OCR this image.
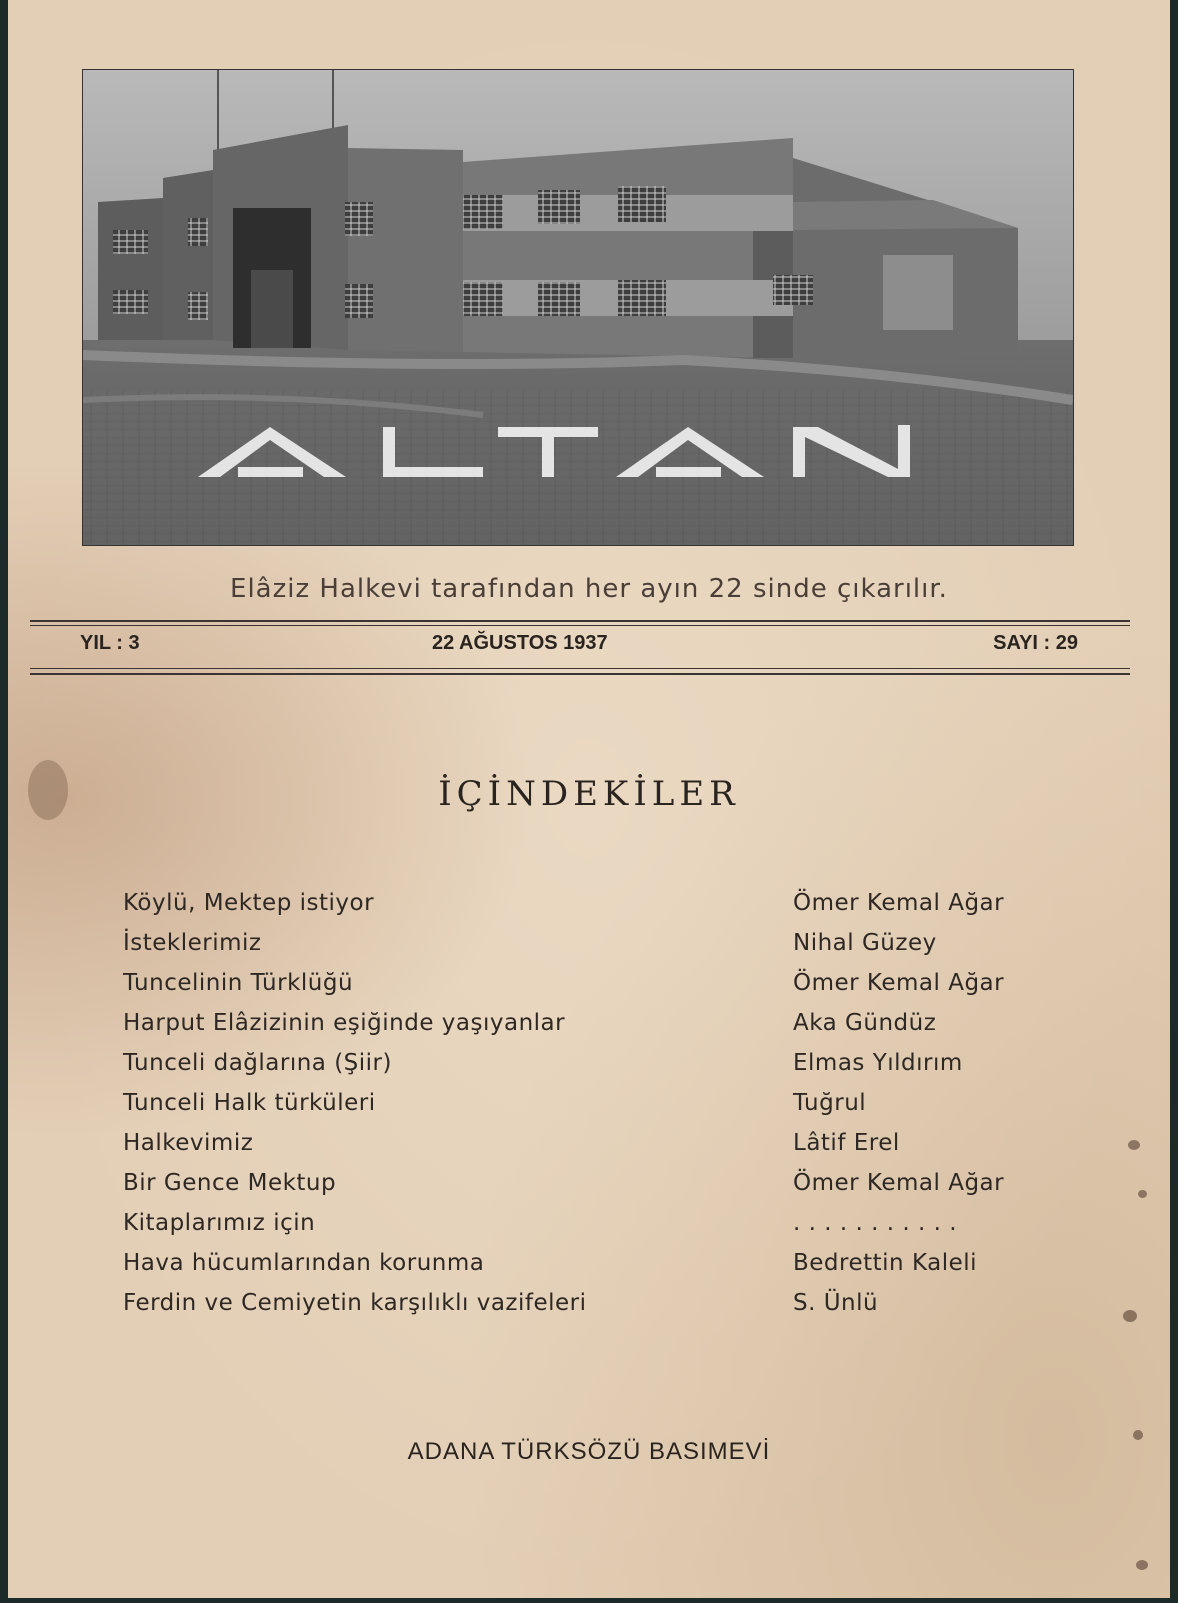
Elâziz Halkevi tarafından her ayın 22 sinde çıkarılır.
YIL : 3	22 AĞUSTOS 1937	SAYI : 29
İÇİNDEKİLER
Köylü, Mektep istiyor	Ömer Kemal Ağar
İsteklerimiz	Nihal Güzey
Tuncelinin Türklüğü	Ömer Kemal Ağar
Harput Elâzizinin eşiğinde yaşıyanlar	Aka Gündüz
Tunceli dağlarına (Şiir)	Elmas Yıldırım
Tunceli Halk türküleri	Tuğrul
Halkevimiz	Lâtif Erel
Bir Gence Mektup	Ömer Kemal Ağar
Kitaplarımız için	. . . . . . . . . . .
Hava hücumlarından korunma	Bedrettin Kaleli
Ferdin ve Cemiyetin karşılıklı vazifeleri	S. Ünlü
ADANA TÜRKSÖZÜ BASIMEVİ
